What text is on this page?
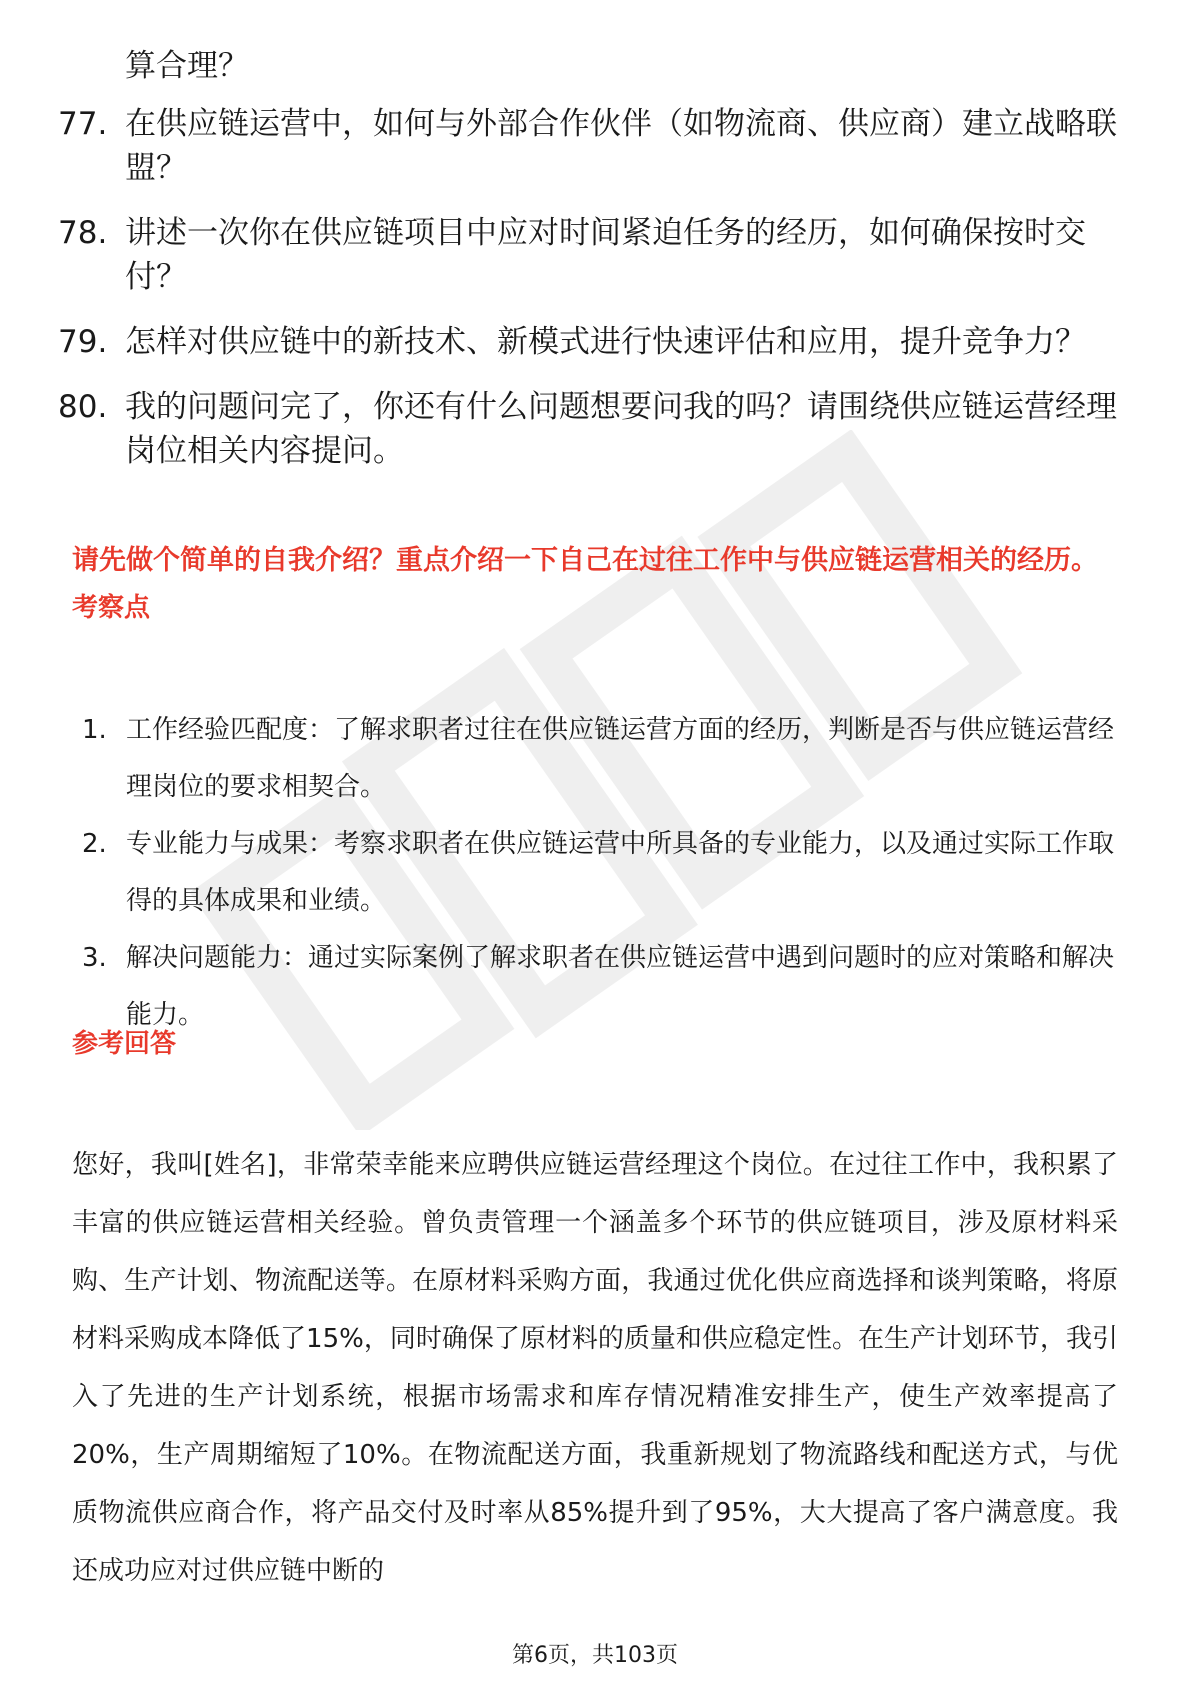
算合理？
77. 在供应链运营中，如何与外部合作伙伴（如物流商、供应商）建立战略联盟？
78. 讲述一次你在供应链项目中应对时间紧迫任务的经历，如何确保按时交付？
79. 怎样对供应链中的新技术、新模式进行快速评估和应用，提升竞争力？
80. 我的问题问完了，你还有什么问题想要问我的吗？请围绕供应链运营经理岗位相关内容提问。
请先做个简单的自我介绍？重点介绍一下自己在过往工作中与供应链运营相关的经历。
考察点
1. 工作经验匹配度：了解求职者过往在供应链运营方面的经历，判断是否与供应链运营经理岗位的要求相契合。
2. 专业能力与成果：考察求职者在供应链运营中所具备的专业能力，以及通过实际工作取得的具体成果和业绩。
3. 解决问题能力：通过实际案例了解求职者在供应链运营中遇到问题时的应对策略和解决能力。
参考回答
您好，我叫[姓名]，非常荣幸能来应聘供应链运营经理这个岗位。在过往工作中，我积累了丰富的供应链运营相关经验。曾负责管理一个涵盖多个环节的供应链项目，涉及原材料采购、生产计划、物流配送等。在原材料采购方面，我通过优化供应商选择和谈判策略，将原材料采购成本降低了15%，同时确保了原材料的质量和供应稳定性。在生产计划环节，我引入了先进的生产计划系统，根据市场需求和库存情况精准安排生产，使生产效率提高了20%，生产周期缩短了10%。在物流配送方面，我重新规划了物流路线和配送方式，与优质物流供应商合作，将产品交付及时率从85%提升到了95%，大大提高了客户满意度。我还成功应对过供应链中断的
第6页，共103页
